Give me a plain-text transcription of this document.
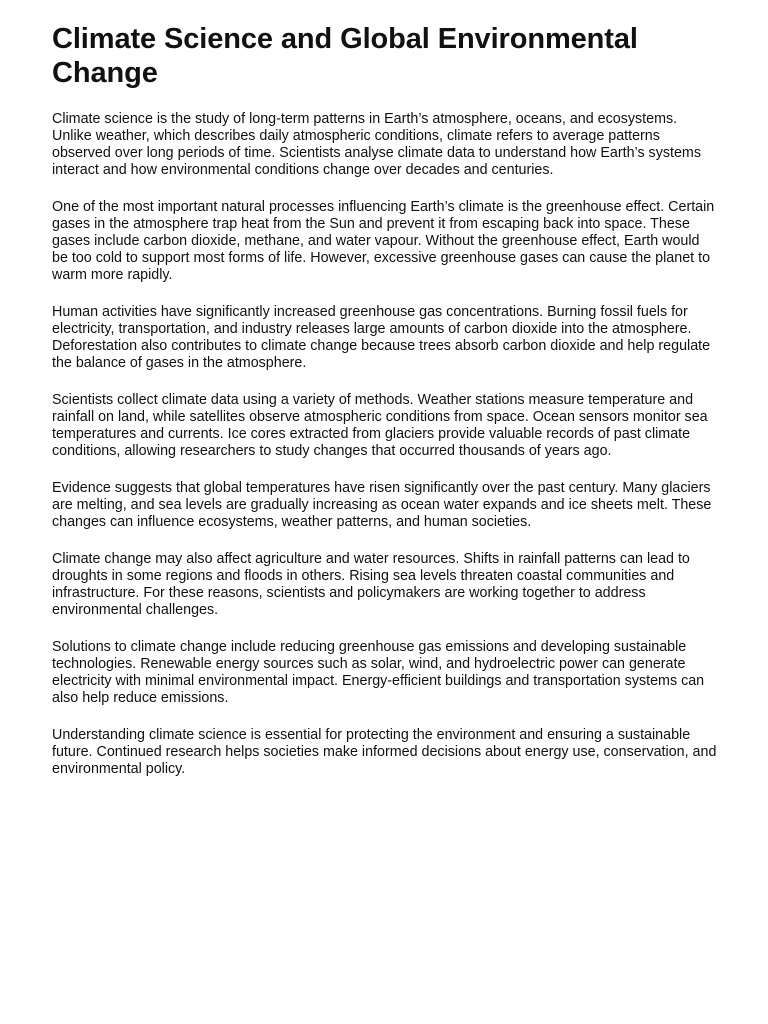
Climate Science and Global Environmental Change

Climate science is the study of long-term patterns in Earth’s atmosphere, oceans, and ecosystems. Unlike weather, which describes daily atmospheric conditions, climate refers to average patterns observed over long periods of time. Scientists analyse climate data to understand how Earth’s systems interact and how environmental conditions change over decades and centuries.

One of the most important natural processes influencing Earth’s climate is the greenhouse effect. Certain gases in the atmosphere trap heat from the Sun and prevent it from escaping back into space. These gases include carbon dioxide, methane, and water vapour. Without the greenhouse effect, Earth would be too cold to support most forms of life. However, excessive greenhouse gases can cause the planet to warm more rapidly.

Human activities have significantly increased greenhouse gas concentrations. Burning fossil fuels for electricity, transportation, and industry releases large amounts of carbon dioxide into the atmosphere. Deforestation also contributes to climate change because trees absorb carbon dioxide and help regulate the balance of gases in the atmosphere.

Scientists collect climate data using a variety of methods. Weather stations measure temperature and rainfall on land, while satellites observe atmospheric conditions from space. Ocean sensors monitor sea temperatures and currents. Ice cores extracted from glaciers provide valuable records of past climate conditions, allowing researchers to study changes that occurred thousands of years ago.

Evidence suggests that global temperatures have risen significantly over the past century. Many glaciers are melting, and sea levels are gradually increasing as ocean water expands and ice sheets melt. These changes can influence ecosystems, weather patterns, and human societies.

Climate change may also affect agriculture and water resources. Shifts in rainfall patterns can lead to droughts in some regions and floods in others. Rising sea levels threaten coastal communities and infrastructure. For these reasons, scientists and policymakers are working together to address environmental challenges.

Solutions to climate change include reducing greenhouse gas emissions and developing sustainable technologies. Renewable energy sources such as solar, wind, and hydroelectric power can generate electricity with minimal environmental impact. Energy-efficient buildings and transportation systems can also help reduce emissions.

Understanding climate science is essential for protecting the environment and ensuring a sustainable future. Continued research helps societies make informed decisions about energy use, conservation, and environmental policy.
